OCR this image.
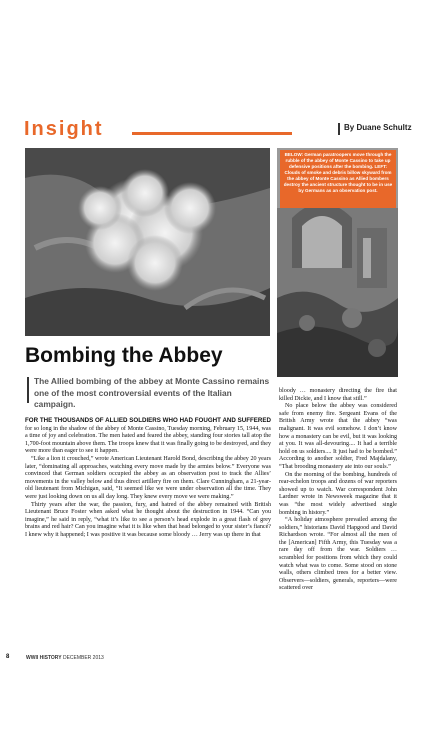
Insight	By Duane Schultz

BELOW: German paratroopers move through the rubble of the abbey of Monte Cassino to take up defensive positions after the bombing. LEFT: Clouds of smoke and debris billow skyward from the abbey of Monte Cassino as Allied bombers destroy the ancient structure thought to be in use by Germans as an observation post.

Bombing the Abbey

The Allied bombing of the abbey at Monte Cassino remains one of the most controversial events of the Italian campaign.

FOR THE THOUSANDS OF ALLIED SOLDIERS WHO HAD FOUGHT AND SUFFERED for so long in the shadow of the abbey of Monte Cassino, Tuesday morning, February 15, 1944, was a time of joy and celebration. The men hated and feared the abbey, standing four stories tall atop the 1,700-foot mountain above them. The troops knew that it was finally going to be destroyed, and they were more than eager to see it happen.

“Like a lion it crouched,” wrote American Lieutenant Harold Bond, describing the abbey 20 years later, “dominating all approaches, watching every move made by the armies below.” Everyone was convinced that German soldiers occupied the abbey as an observation post to track the Allies’ movements in the valley below and thus direct artillery fire on them. Clare Cunningham, a 21-year-old lieutenant from Michigan, said, “It seemed like we were under observation all the time. They were just looking down on us all day long. They knew every move we were making.”

Thirty years after the war, the passion, fury, and hatred of the abbey remained with British Lieutenant Bruce Foster when asked what he thought about the destruction in 1944. “Can you imagine,” he said in reply, “what it’s like to see a person’s head explode in a great flash of grey brains and red hair? Can you imagine what it is like when that head belonged to your sister’s fiancé? I knew why it happened; I was positive it was because some bloody … Jerry was up there in that

bloody … monastery directing the fire that killed Dickie, and I know that still.”

No place below the abbey was considered safe from enemy fire. Sergeant Evans of the British Army wrote that the abbey “was malignant. It was evil somehow. I don’t know how a monastery can be evil, but it was looking at you. It was all-devouring.... It had a terrible hold on us soldiers.... It just had to be bombed.” According to another soldier, Fred Majdalany, “That brooding monastery ate into our souls.”

On the morning of the bombing, hundreds of rear-echelon troops and dozens of war reporters showed up to watch. War correspondent John Lardner wrote in Newsweek magazine that it was “the most widely advertised single bombing in history.”

“A holiday atmosphere prevailed among the soldiers,” historians David Hapgood and David Richardson wrote. “For almost all the men of the [American] Fifth Army, this Tuesday was a rare day off from the war. Soldiers … scrambled for positions from which they could watch what was to come. Some stood on stone walls, others climbed trees for a better view. Observers—soldiers, generals, reporters—were scattered over

8	WWII HISTORY DECEMBER 2013
